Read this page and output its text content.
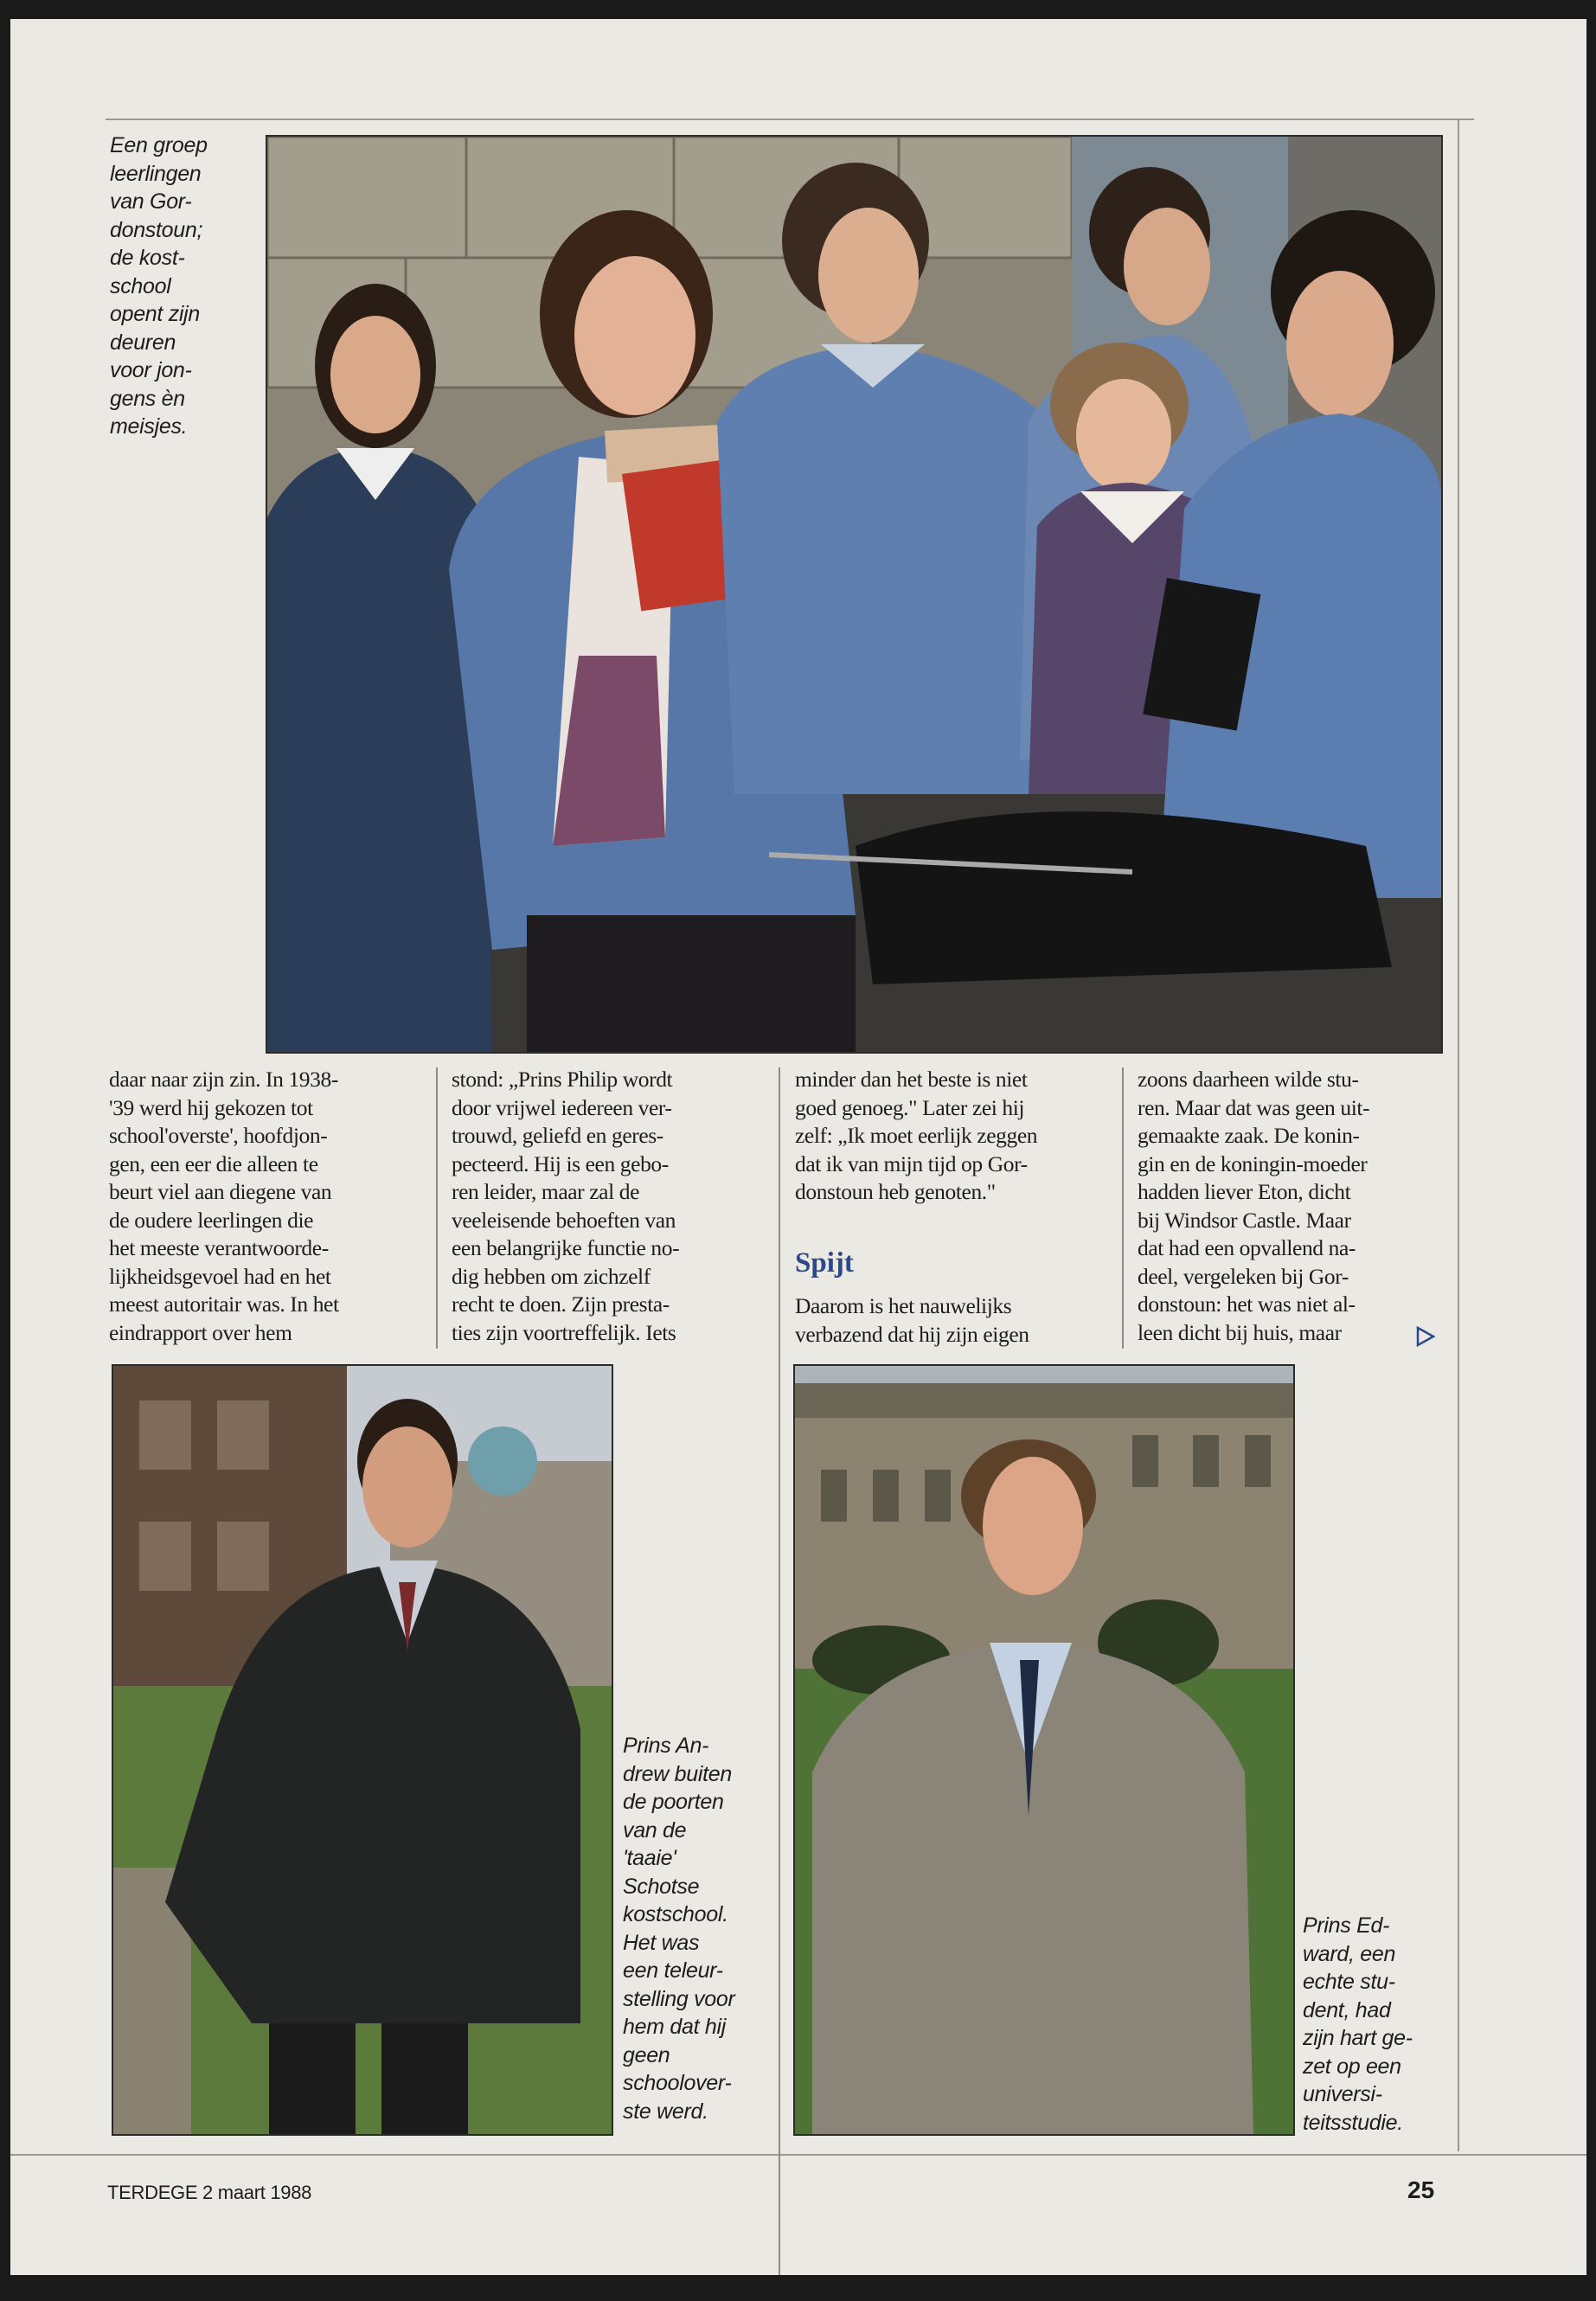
Een groep
leerlingen
van Gor-
donstoun;
de kost-
school
opent zijn
deuren
voor jon-
gens èn
meisjes.
daar naar zijn zin. In 1938-
'39 werd hij gekozen tot
school'overste', hoofdjon-
gen, een eer die alleen te
beurt viel aan diegene van
de oudere leerlingen die
het meeste verantwoorde-
lijkheidsgevoel had en het
meest autoritair was. In het
eindrapport over hem
stond: „Prins Philip wordt
door vrijwel iedereen ver-
trouwd, geliefd en geres-
pecteerd. Hij is een gebo-
ren leider, maar zal de
veeleisende behoeften van
een belangrijke functie no-
dig hebben om zichzelf
recht te doen. Zijn presta-
ties zijn voortreffelijk. Iets
minder dan het beste is niet
goed genoeg." Later zei hij
zelf: „Ik moet eerlijk zeggen
dat ik van mijn tijd op Gor-
donstoun heb genoten."
Spijt
Daarom is het nauwelijks
verbazend dat hij zijn eigen
zoons daarheen wilde stu-
ren. Maar dat was geen uit-
gemaakte zaak. De konin-
gin en de koningin-moeder
hadden liever Eton, dicht
bij Windsor Castle. Maar
dat had een opvallend na-
deel, vergeleken bij Gor-
donstoun: het was niet al-
leen dicht bij huis, maar
Prins An-
drew buiten
de poorten
van de
'taaie'
Schotse
kostschool.
Het was
een teleur-
stelling voor
hem dat hij
geen
schoolover-
ste werd.
Prins Ed-
ward, een
echte stu-
dent, had
zijn hart ge-
zet op een
universi-
teitsstudie.
TERDEGE 2 maart 1988	25
